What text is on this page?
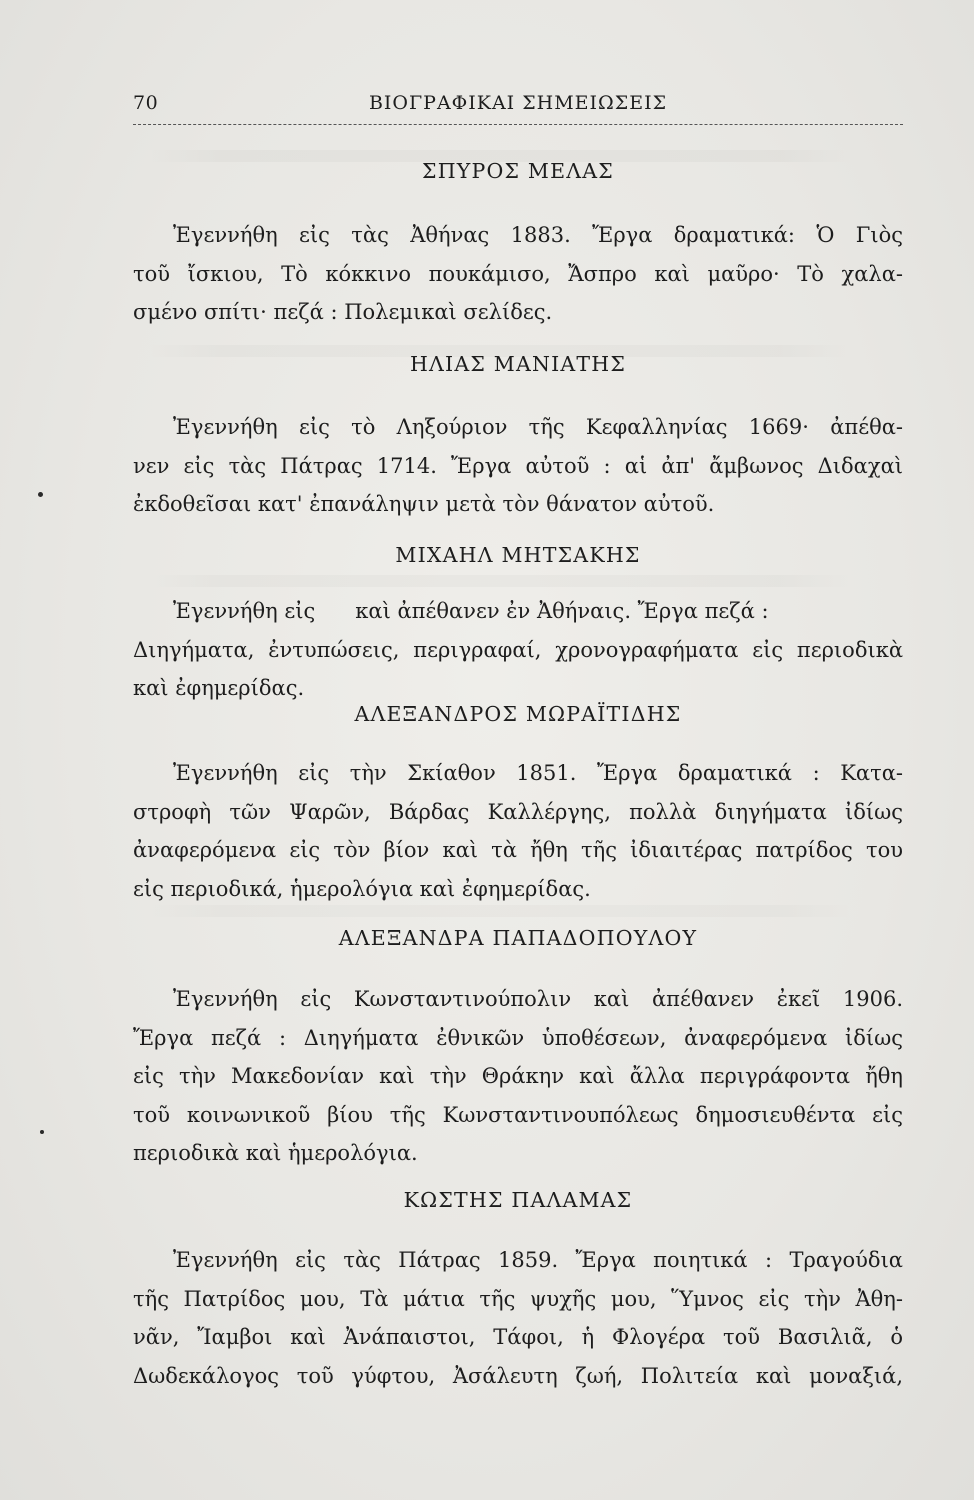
70	ΒΙΟΓΡΑΦΙΚΑΙ ΣΗΜΕΙΩΣΕΙΣ
ΣΠΥΡΟΣ ΜΕΛΑΣ
Ἐγεννήθη εἰς τὰς Ἀθήνας 1883. Ἔργα δραματικά: Ὁ Γιὸς
τοῦ ἴσκιου, Τὸ κόκκινο πουκάμισο, Ἄσπρο καὶ μαῦρο· Τὸ χαλα-
σμένο σπίτι· πεζά : Πολεμικαὶ σελίδες.
ΗΛΙΑΣ ΜΑΝΙΑΤΗΣ
Ἐγεννήθη εἰς τὸ Ληξούριον τῆς Κεφαλληνίας 1669· ἀπέθα-
νεν εἰς τὰς Πάτρας 1714. Ἔργα αὐτοῦ : αἱ ἀπ' ἄμβωνος Διδαχαὶ
ἐκδοθεῖσαι κατ' ἐπανάληψιν μετὰ τὸν θάνατον αὐτοῦ.
ΜΙΧΑΗΛ ΜΗΤΣΑΚΗΣ
Ἐγεννήθη εἰς      καὶ ἀπέθανεν ἐν Ἀθήναις. Ἔργα πεζά :
Διηγήματα, ἐντυπώσεις, περιγραφαί, χρονογραφήματα εἰς περιοδικὰ
καὶ ἐφημερίδας.
ΑΛΕΞΑΝΔΡΟΣ ΜΩΡΑΪΤΙΔΗΣ
Ἐγεννήθη εἰς τὴν Σκίαθον 1851. Ἔργα δραματικά : Κατα-
στροφὴ τῶν Ψαρῶν, Βάρδας Καλλέργης, πολλὰ διηγήματα ἰδίως
ἀναφερόμενα εἰς τὸν βίον καὶ τὰ ἤθη τῆς ἰδιαιτέρας πατρίδος του
εἰς περιοδικά, ἡμερολόγια καὶ ἐφημερίδας.
ΑΛΕΞΑΝΔΡΑ ΠΑΠΑΔΟΠΟΥΛΟΥ
Ἐγεννήθη εἰς Κωνσταντινούπολιν καὶ ἀπέθανεν ἐκεῖ 1906.
Ἔργα πεζά : Διηγήματα ἐθνικῶν ὑποθέσεων, ἀναφερόμενα ἰδίως
εἰς τὴν Μακεδονίαν καὶ τὴν Θράκην καὶ ἄλλα περιγράφοντα ἤθη
τοῦ κοινωνικοῦ βίου τῆς Κωνσταντινουπόλεως δημοσιευθέντα εἰς
περιοδικὰ καὶ ἡμερολόγια.
ΚΩΣΤΗΣ ΠΑΛΑΜΑΣ
Ἐγεννήθη εἰς τὰς Πάτρας 1859. Ἔργα ποιητικά : Τραγούδια
τῆς Πατρίδος μου, Τὰ μάτια τῆς ψυχῆς μου, Ὕμνος εἰς τὴν Ἀθη-
νᾶν, Ἴαμβοι καὶ Ἀνάπαιστοι, Τάφοι, ἡ Φλογέρα τοῦ Βασιλιᾶ, ὁ
Δωδεκάλογος τοῦ γύφτου, Ἀσάλευτη ζωή, Πολιτεία καὶ μοναξιά,
